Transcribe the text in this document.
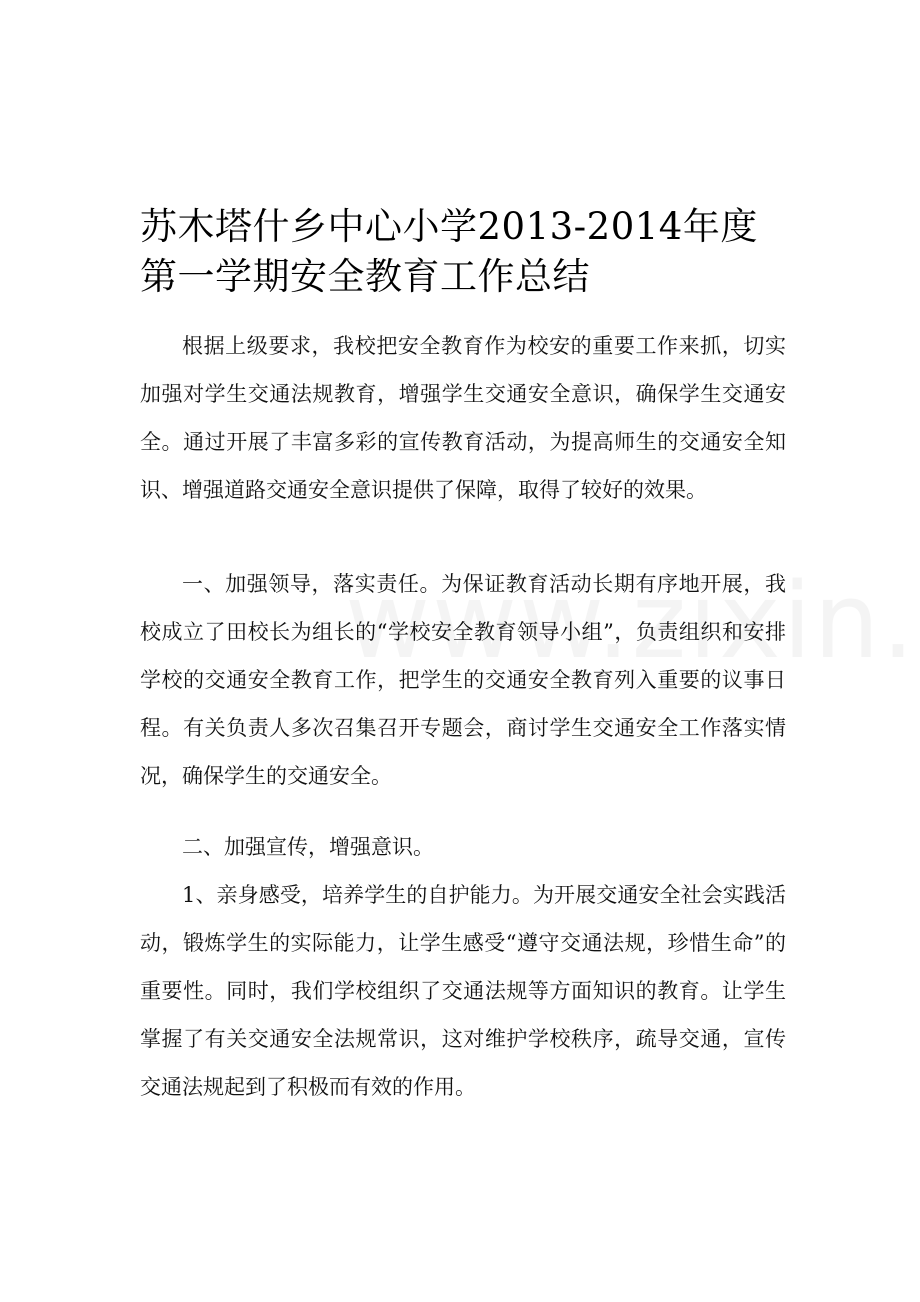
苏木塔什乡中心小学2013-2014年度第一学期安全教育工作总结

根据上级要求，我校把安全教育作为校安的重要工作来抓，切实加强对学生交通法规教育，增强学生交通安全意识，确保学生交通安全。通过开展了丰富多彩的宣传教育活动，为提高师生的交通安全知识、增强道路交通安全意识提供了保障，取得了较好的效果。

一、加强领导，落实责任。为保证教育活动长期有序地开展，我校成立了田校长为组长的“学校安全教育领导小组”，负责组织和安排学校的交通安全教育工作，把学生的交通安全教育列入重要的议事日程。有关负责人多次召集召开专题会，商讨学生交通安全工作落实情况，确保学生的交通安全。

二、加强宣传，增强意识。

1、亲身感受，培养学生的自护能力。为开展交通安全社会实践活动，锻炼学生的实际能力，让学生感受“遵守交通法规，珍惜生命”的重要性。同时，我们学校组织了交通法规等方面知识的教育。让学生掌握了有关交通安全法规常识，这对维护学校秩序，疏导交通，宣传交通法规起到了积极而有效的作用。
